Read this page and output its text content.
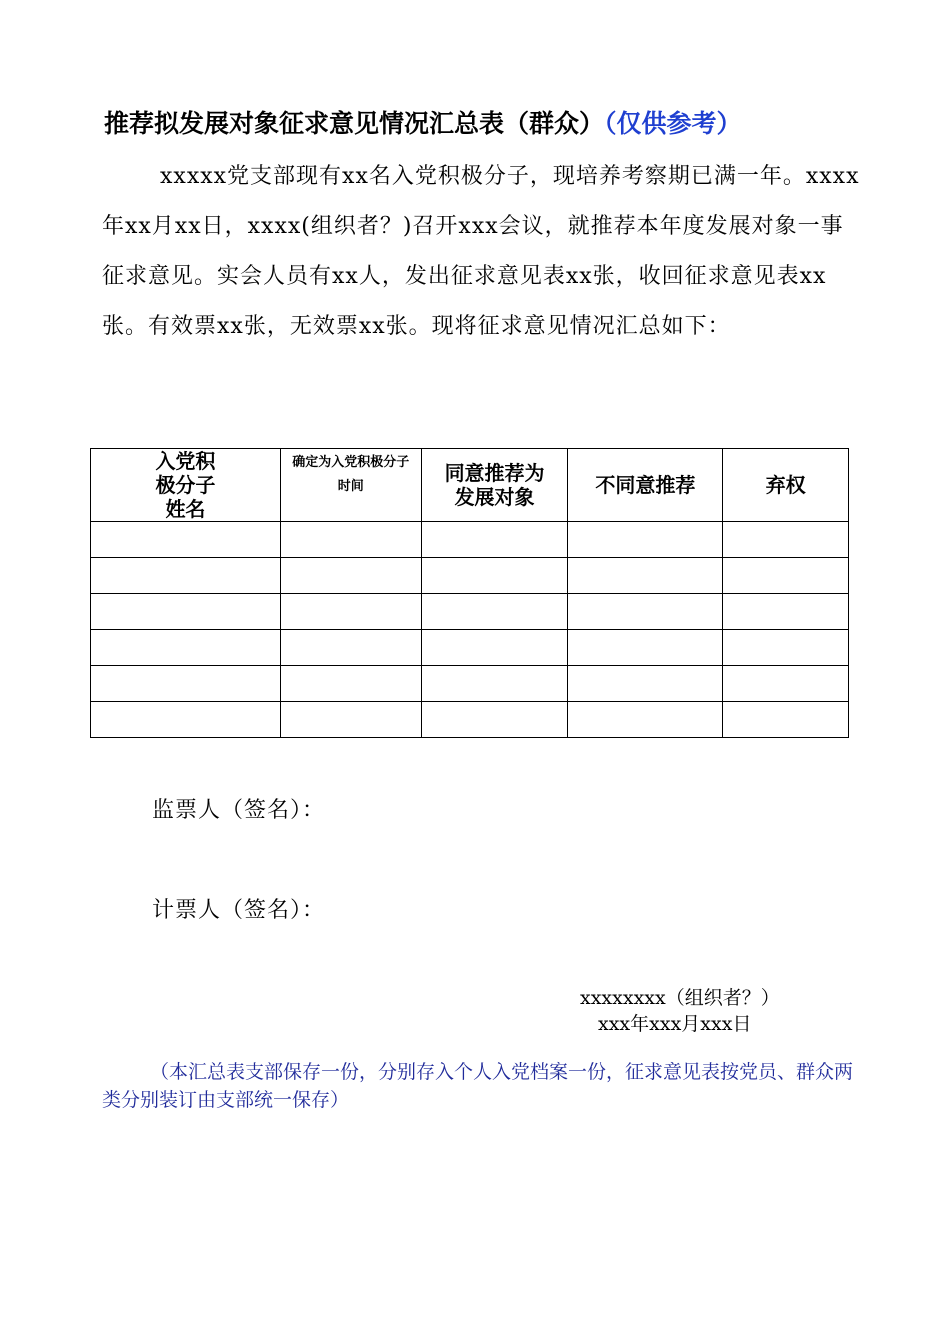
推荐拟发展对象征求意见情况汇总表（群众）（仅供参考）

xxxxx党支部现有xx名入党积极分子，现培养考察期已满一年。xxxx年xx月xx日，xxxx(组织者？)召开xxx会议，就推荐本年度发展对象一事征求意见。实会人员有xx人，发出征求意见表xx张，收回征求意见表xx张。有效票xx张，无效票xx张。现将征求意见情况汇总如下：

入党积极分子姓名	确定为入党积极分子时间	同意推荐为发展对象	不同意推荐	弃权

监票人（签名）：
计票人（签名）：
xxxxxxxx（组织者？）
xxx年xxx月xxx日

（本汇总表支部保存一份，分别存入个人入党档案一份，征求意见表按党员、群众两类分别装订由支部统一保存）
